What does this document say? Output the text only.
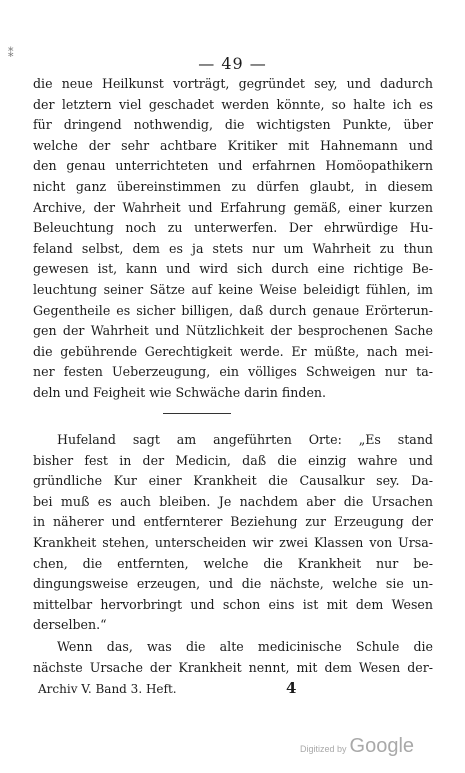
⁑
— 49 —
die neue Heilkunst vorträgt, gegründet sey, und dadurch
der letztern viel geschadet werden könnte, so halte ich es
für dringend nothwendig, die wichtigsten Punkte, über
welche der sehr achtbare Kritiker mit Hahnemann und
den genau unterrichteten und erfahrnen Homöopathikern
nicht ganz übereinstimmen zu dürfen glaubt, in diesem
Archive, der Wahrheit und Erfahrung gemäß, einer kurzen
Beleuchtung noch zu unterwerfen. Der ehrwürdige Hu-
feland selbst, dem es ja stets nur um Wahrheit zu thun
gewesen ist, kann und wird sich durch eine richtige Be-
leuchtung seiner Sätze auf keine Weise beleidigt fühlen, im
Gegentheile es sicher billigen, daß durch genaue Erörterun-
gen der Wahrheit und Nützlichkeit der besprochenen Sache
die gebührende Gerechtigkeit werde. Er müßte, nach mei-
ner festen Ueberzeugung, ein völliges Schweigen nur ta-
deln und Feigheit wie Schwäche darin finden.
Hufeland sagt am angeführten Orte: „Es stand
bisher fest in der Medicin, daß die einzig wahre und
gründliche Kur einer Krankheit die Causalkur sey. Da-
bei muß es auch bleiben. Je nachdem aber die Ursachen
in näherer und entfernterer Beziehung zur Erzeugung der
Krankheit stehen, unterscheiden wir zwei Klassen von Ursa-
chen, die entfernten, welche die Krankheit nur be-
dingungsweise erzeugen, und die nächste, welche sie un-
mittelbar hervorbringt und schon eins ist mit dem Wesen
derselben.“
Wenn das, was die alte medicinische Schule die
nächste Ursache der Krankheit nennt, mit dem Wesen der-
Archiv V. Band 3. Heft.	4
Digitized by Google
